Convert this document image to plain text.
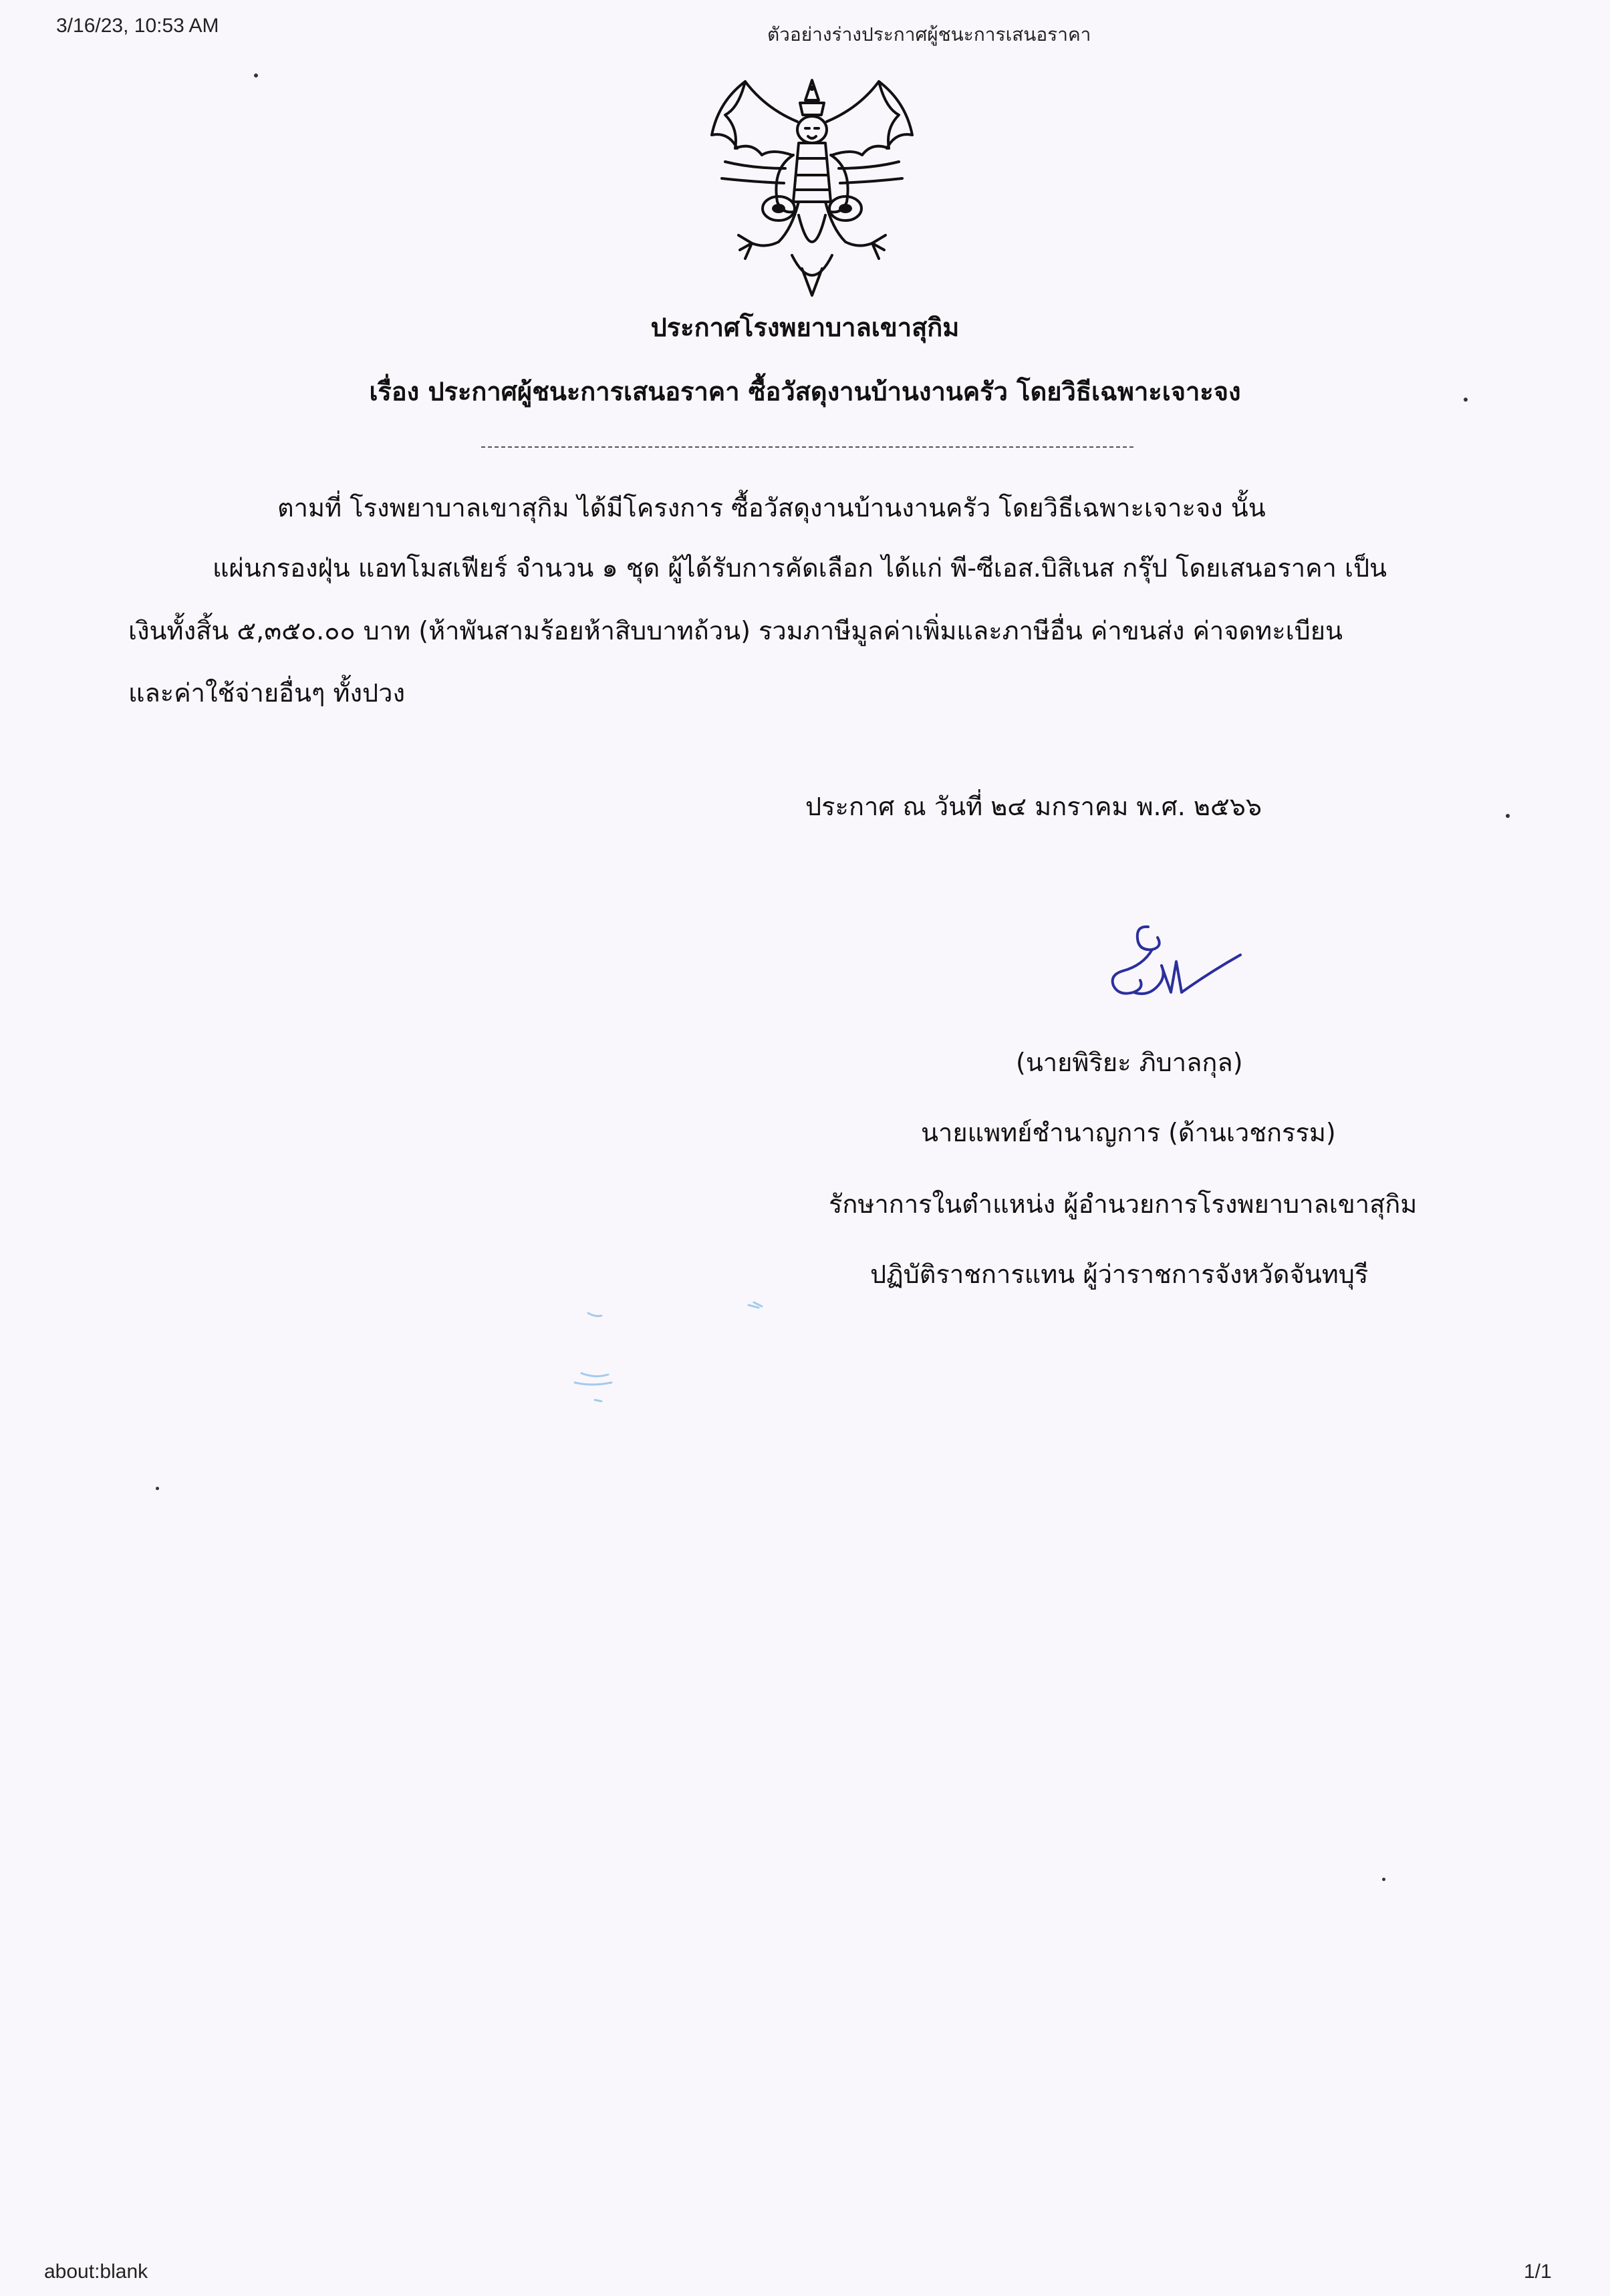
3/16/23, 10:53 AM	ตัวอย่างร่างประกาศผู้ชนะการเสนอราคา
about:blank	1/1
ประกาศโรงพยาบาลเขาสุกิม
เรื่อง ประกาศผู้ชนะการเสนอราคา ซื้อวัสดุงานบ้านงานครัว โดยวิธีเฉพาะเจาะจง
ตามที่ โรงพยาบาลเขาสุกิม ได้มีโครงการ ซื้อวัสดุงานบ้านงานครัว โดยวิธีเฉพาะเจาะจง นั้น
แผ่นกรองฝุ่น แอทโมสเฟียร์ จำนวน ๑ ชุด ผู้ได้รับการคัดเลือก ได้แก่ พี-ซีเอส.บิสิเนส กรุ๊ป โดยเสนอราคา เป็น
เงินทั้งสิ้น ๕,๓๕๐.๐๐ บาท (ห้าพันสามร้อยห้าสิบบาทถ้วน) รวมภาษีมูลค่าเพิ่มและภาษีอื่น ค่าขนส่ง ค่าจดทะเบียน
และค่าใช้จ่ายอื่นๆ ทั้งปวง
ประกาศ ณ วันที่ ๒๔ มกราคม พ.ศ. ๒๕๖๖
(นายพิริยะ ภิบาลกุล)
นายแพทย์ชำนาญการ (ด้านเวชกรรม)
รักษาการในตำแหน่ง ผู้อำนวยการโรงพยาบาลเขาสุกิม
ปฏิบัติราชการแทน ผู้ว่าราชการจังหวัดจันทบุรี
